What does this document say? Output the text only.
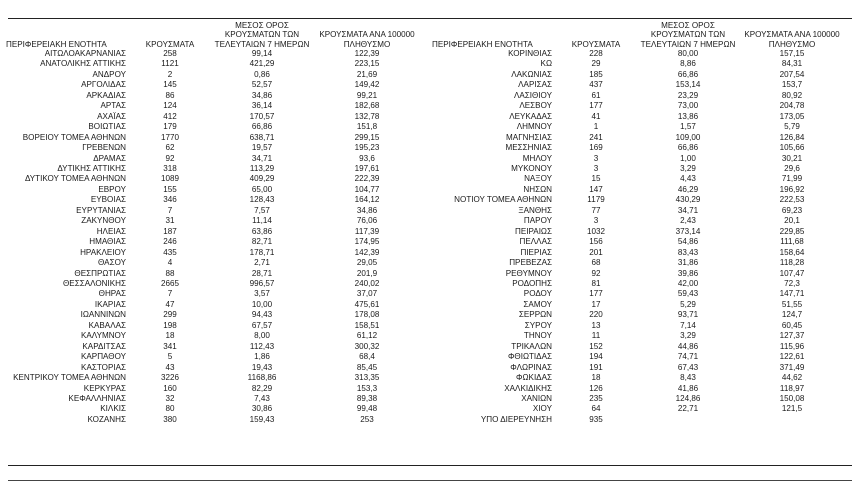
ΠΕΡΙΦΕΡΕΙΑΚΗ ΕΝΟΤΗΤΑ	ΚΡΟΥΣΜΑΤΑ	ΜΕΣΟΣ ΟΡΟΣ ΚΡΟΥΣΜΑΤΩΝ ΤΩΝ ΤΕΛΕΥΤΑΙΩΝ 7 ΗΜΕΡΩΝ	ΚΡΟΥΣΜΑΤΑ ΑΝΑ 100000 ΠΛΗΘΥΣΜΟ
ΑΙΤΩΛΟΑΚΑΡΝΑΝΙΑΣ	258	99,14	122,39
ΑΝΑΤΟΛΙΚΗΣ ΑΤΤΙΚΗΣ	1121	421,29	223,15
ΑΝΔΡΟΥ	2	0,86	21,69
ΑΡΓΟΛΙΔΑΣ	145	52,57	149,42
ΑΡΚΑΔΙΑΣ	86	34,86	99,21
ΑΡΤΑΣ	124	36,14	182,68
ΑΧΑΪΑΣ	412	170,57	132,78
ΒΟΙΩΤΙΑΣ	179	66,86	151,8
ΒΟΡΕΙΟΥ ΤΟΜΕΑ ΑΘΗΝΩΝ	1770	638,71	299,15
ΓΡΕΒΕΝΩΝ	62	19,57	195,23
ΔΡΑΜΑΣ	92	34,71	93,6
ΔΥΤΙΚΗΣ ΑΤΤΙΚΗΣ	318	113,29	197,61
ΔΥΤΙΚΟΥ ΤΟΜΕΑ ΑΘΗΝΩΝ	1089	409,29	222,39
ΕΒΡΟΥ	155	65,00	104,77
ΕΥΒΟΙΑΣ	346	128,43	164,12
ΕΥΡΥΤΑΝΙΑΣ	7	7,57	34,86
ΖΑΚΥΝΘΟΥ	31	11,14	76,06
ΗΛΕΙΑΣ	187	63,86	117,39
ΗΜΑΘΙΑΣ	246	82,71	174,95
ΗΡΑΚΛΕΙΟΥ	435	178,71	142,39
ΘΑΣΟΥ	4	2,71	29,05
ΘΕΣΠΡΩΤΙΑΣ	88	28,71	201,9
ΘΕΣΣΑΛΟΝΙΚΗΣ	2665	996,57	240,02
ΘΗΡΑΣ	7	3,57	37,07
ΙΚΑΡΙΑΣ	47	10,00	475,61
ΙΩΑΝΝΙΝΩΝ	299	94,43	178,08
ΚΑΒΑΛΑΣ	198	67,57	158,51
ΚΑΛΥΜΝΟΥ	18	8,00	61,12
ΚΑΡΔΙΤΣΑΣ	341	112,43	300,32
ΚΑΡΠΑΘΟΥ	5	1,86	68,4
ΚΑΣΤΟΡΙΑΣ	43	19,43	85,45
ΚΕΝΤΡΙΚΟΥ ΤΟΜΕΑ ΑΘΗΝΩΝ	3226	1168,86	313,35
ΚΕΡΚΥΡΑΣ	160	82,29	153,3
ΚΕΦΑΛΛΗΝΙΑΣ	32	7,43	89,38
ΚΙΛΚΙΣ	80	30,86	99,48
ΚΟΖΑΝΗΣ	380	159,43	253
ΠΕΡΙΦΕΡΕΙΑΚΗ ΕΝΟΤΗΤΑ	ΚΡΟΥΣΜΑΤΑ	ΜΕΣΟΣ ΟΡΟΣ ΚΡΟΥΣΜΑΤΩΝ ΤΩΝ ΤΕΛΕΥΤΑΙΩΝ 7 ΗΜΕΡΩΝ	ΚΡΟΥΣΜΑΤΑ ΑΝΑ 100000 ΠΛΗΘΥΣΜΟ
ΚΟΡΙΝΘΙΑΣ	228	80,00	157,15
ΚΩ	29	8,86	84,31
ΛΑΚΩΝΙΑΣ	185	66,86	207,54
ΛΑΡΙΣΑΣ	437	153,14	153,7
ΛΑΣΙΘΙΟΥ	61	23,29	80,92
ΛΕΣΒΟΥ	177	73,00	204,78
ΛΕΥΚΑΔΑΣ	41	13,86	173,05
ΛΗΜΝΟΥ	1	1,57	5,79
ΜΑΓΝΗΣΙΑΣ	241	109,00	126,84
ΜΕΣΣΗΝΙΑΣ	169	66,86	105,66
ΜΗΛΟΥ	3	1,00	30,21
ΜΥΚΟΝΟΥ	3	3,29	29,6
ΝΑΞΟΥ	15	4,43	71,99
ΝΗΣΩΝ	147	46,29	196,92
ΝΟΤΙΟΥ ΤΟΜΕΑ ΑΘΗΝΩΝ	1179	430,29	222,53
ΞΑΝΘΗΣ	77	34,71	69,23
ΠΑΡΟΥ	3	2,43	20,1
ΠΕΙΡΑΙΩΣ	1032	373,14	229,85
ΠΕΛΛΑΣ	156	54,86	111,68
ΠΙΕΡΙΑΣ	201	83,43	158,64
ΠΡΕΒΕΖΑΣ	68	31,86	118,28
ΡΕΘΥΜΝΟΥ	92	39,86	107,47
ΡΟΔΟΠΗΣ	81	42,00	72,3
ΡΟΔΟΥ	177	59,43	147,71
ΣΑΜΟΥ	17	5,29	51,55
ΣΕΡΡΩΝ	220	93,71	124,7
ΣΥΡΟΥ	13	7,14	60,45
ΤΗΝΟΥ	11	3,29	127,37
ΤΡΙΚΑΛΩΝ	152	44,86	115,96
ΦΘΙΩΤΙΔΑΣ	194	74,71	122,61
ΦΛΩΡΙΝΑΣ	191	67,43	371,49
ΦΩΚΙΔΑΣ	18	8,43	44,62
ΧΑΛΚΙΔΙΚΗΣ	126	41,86	118,97
ΧΑΝΙΩΝ	235	124,86	150,08
ΧΙΟΥ	64	22,71	121,5
ΥΠΟ ΔΙΕΡΕΥΝΗΣΗ	935		
